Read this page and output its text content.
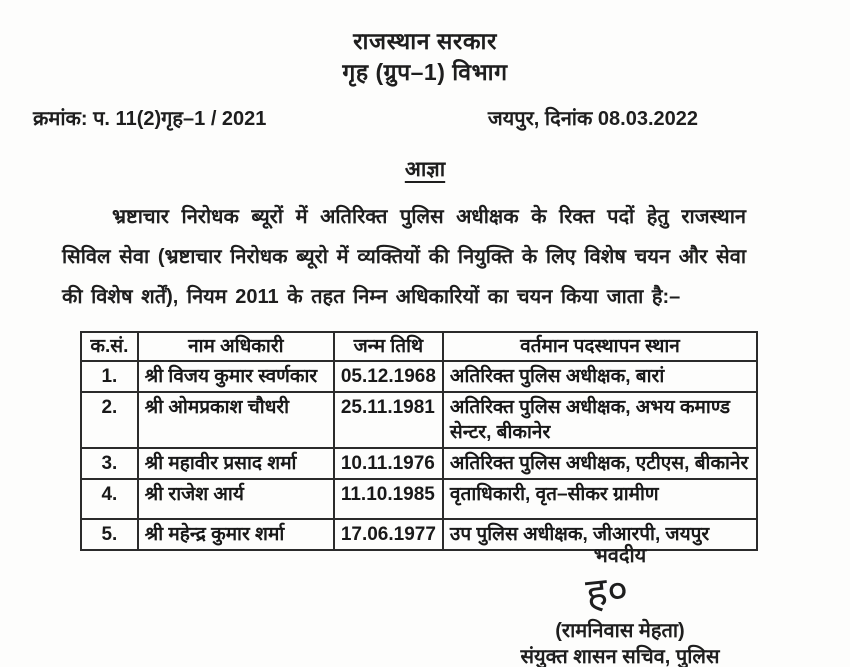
राजस्थान सरकार
गृह (ग्रुप–1) विभाग
क्रमांक: प. 11(2)गृह–1 / 2021	जयपुर, दिनांक 08.03.2022
आज्ञा
भ्रष्टाचार निरोधक ब्यूरों में अतिरिक्त पुलिस अधीक्षक के रिक्त पदों हेतु राजस्थान सिविल सेवा (भ्रष्टाचार निरोधक ब्यूरो में व्यक्तियों की नियुक्ति के लिए विशेष चयन और सेवा की विशेष शर्तें), नियम 2011 के तहत निम्न अधिकारियों का चयन किया जाता है:–
क.सं.	नाम अधिकारी	जन्म तिथि	वर्तमान पदस्थापन स्थान
1.	श्री विजय कुमार स्वर्णकार	05.12.1968	अतिरिक्त पुलिस अधीक्षक, बारां
2.	श्री ओमप्रकाश चौधरी	25.11.1981	अतिरिक्त पुलिस अधीक्षक, अभय कमाण्ड सेन्टर, बीकानेर
3.	श्री महावीर प्रसाद शर्मा	10.11.1976	अतिरिक्त पुलिस अधीक्षक, एटीएस, बीकानेर
4.	श्री राजेश आर्य	11.10.1985	वृताधिकारी, वृत–सीकर ग्रामीण
5.	श्री महेन्द्र कुमार शर्मा	17.06.1977	उप पुलिस अधीक्षक, जीआरपी, जयपुर
भवदीय
ह०
(रामनिवास मेहता)
संयुक्त शासन सचिव, पुलिस
